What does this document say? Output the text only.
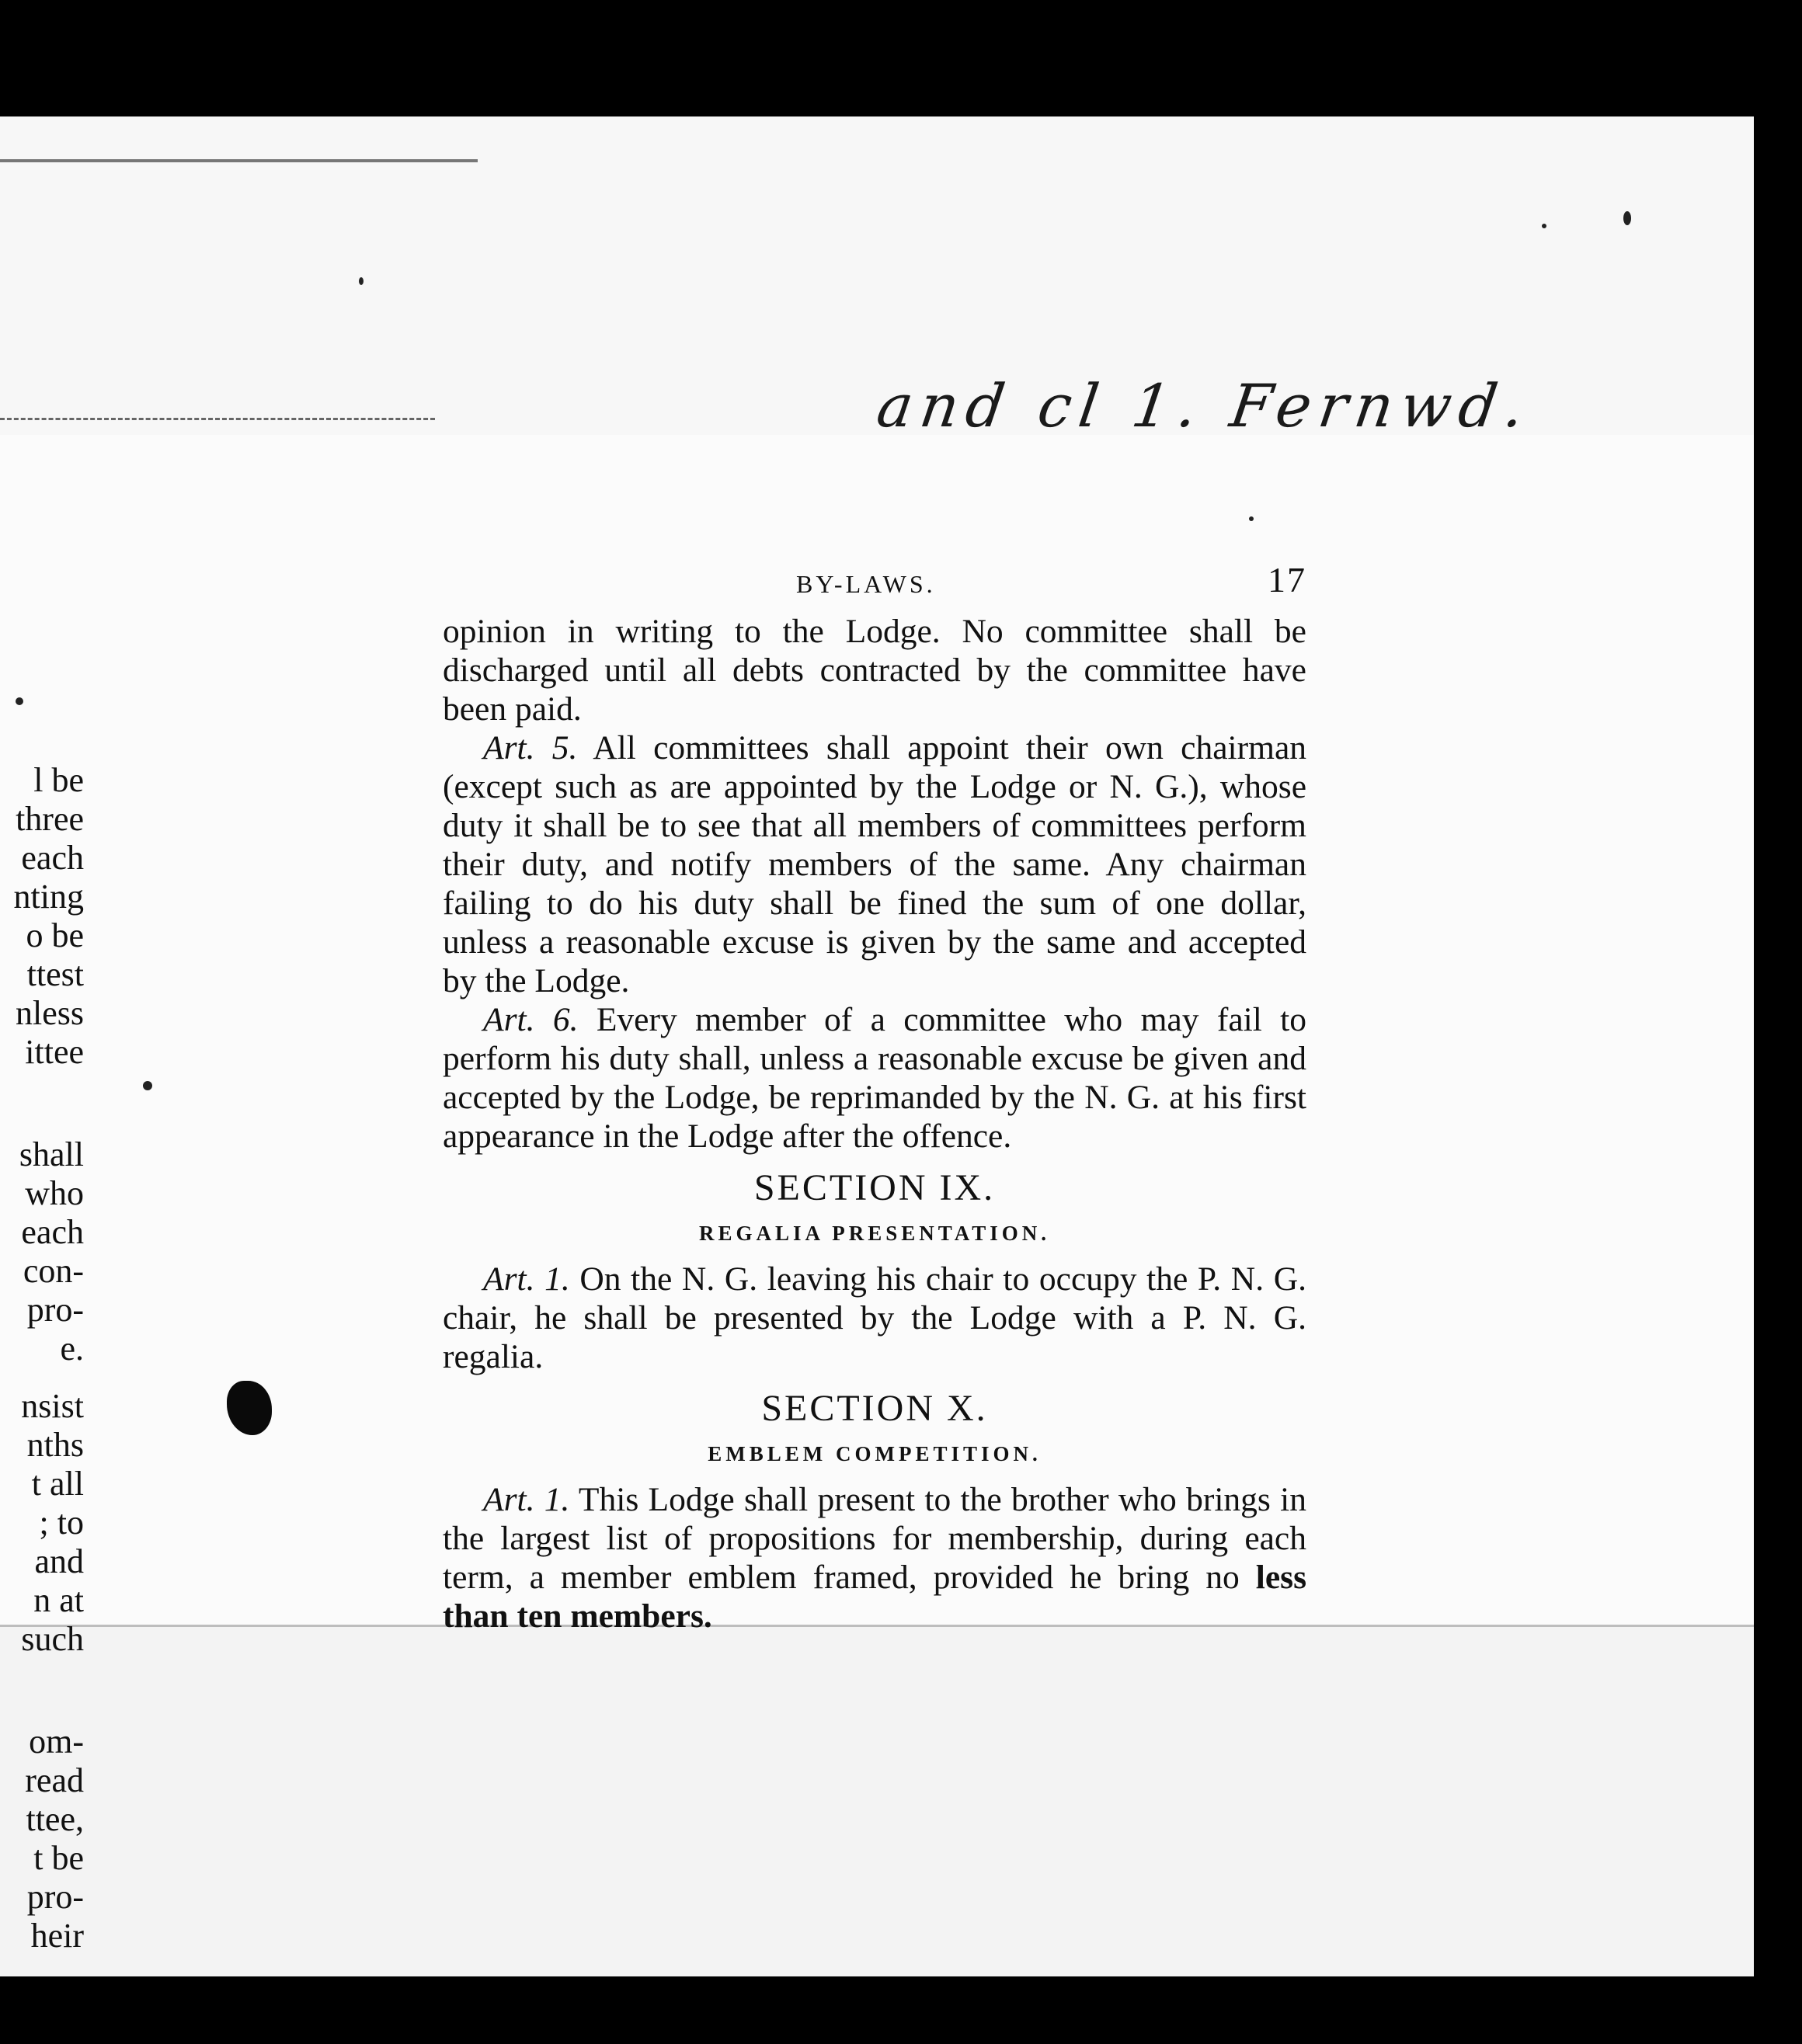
and cl 1. Fernwd.
l be
three
each
nting
o be
ttest
nless
ittee
shall
who
each
con-
pro-
e.
nsist
nths
t all
; to
and
n at
such
om-
read
ttee,
t be
pro-
heir
BY-LAWS.	17

opinion in writing to the Lodge. No committee shall be discharged until all debts contracted by the committee have been paid.

Art. 5. All committees shall appoint their own chairman (except such as are appointed by the Lodge or N. G.), whose duty it shall be to see that all members of committees perform their duty, and notify members of the same. Any chairman failing to do his duty shall be fined the sum of one dollar, unless a reasonable excuse is given by the same and accepted by the Lodge.

Art. 6. Every member of a committee who may fail to perform his duty shall, unless a reasonable excuse be given and accepted by the Lodge, be reprimanded by the N. G. at his first appearance in the Lodge after the offence.

SECTION IX.
REGALIA PRESENTATION.

Art. 1. On the N. G. leaving his chair to occupy the P. N. G. chair, he shall be presented by the Lodge with a P. N. G. regalia.

SECTION X.
EMBLEM COMPETITION.

Art. 1. This Lodge shall present to the brother who brings in the largest list of propositions for membership, during each term, a member emblem framed, provided he bring no less than ten members.
